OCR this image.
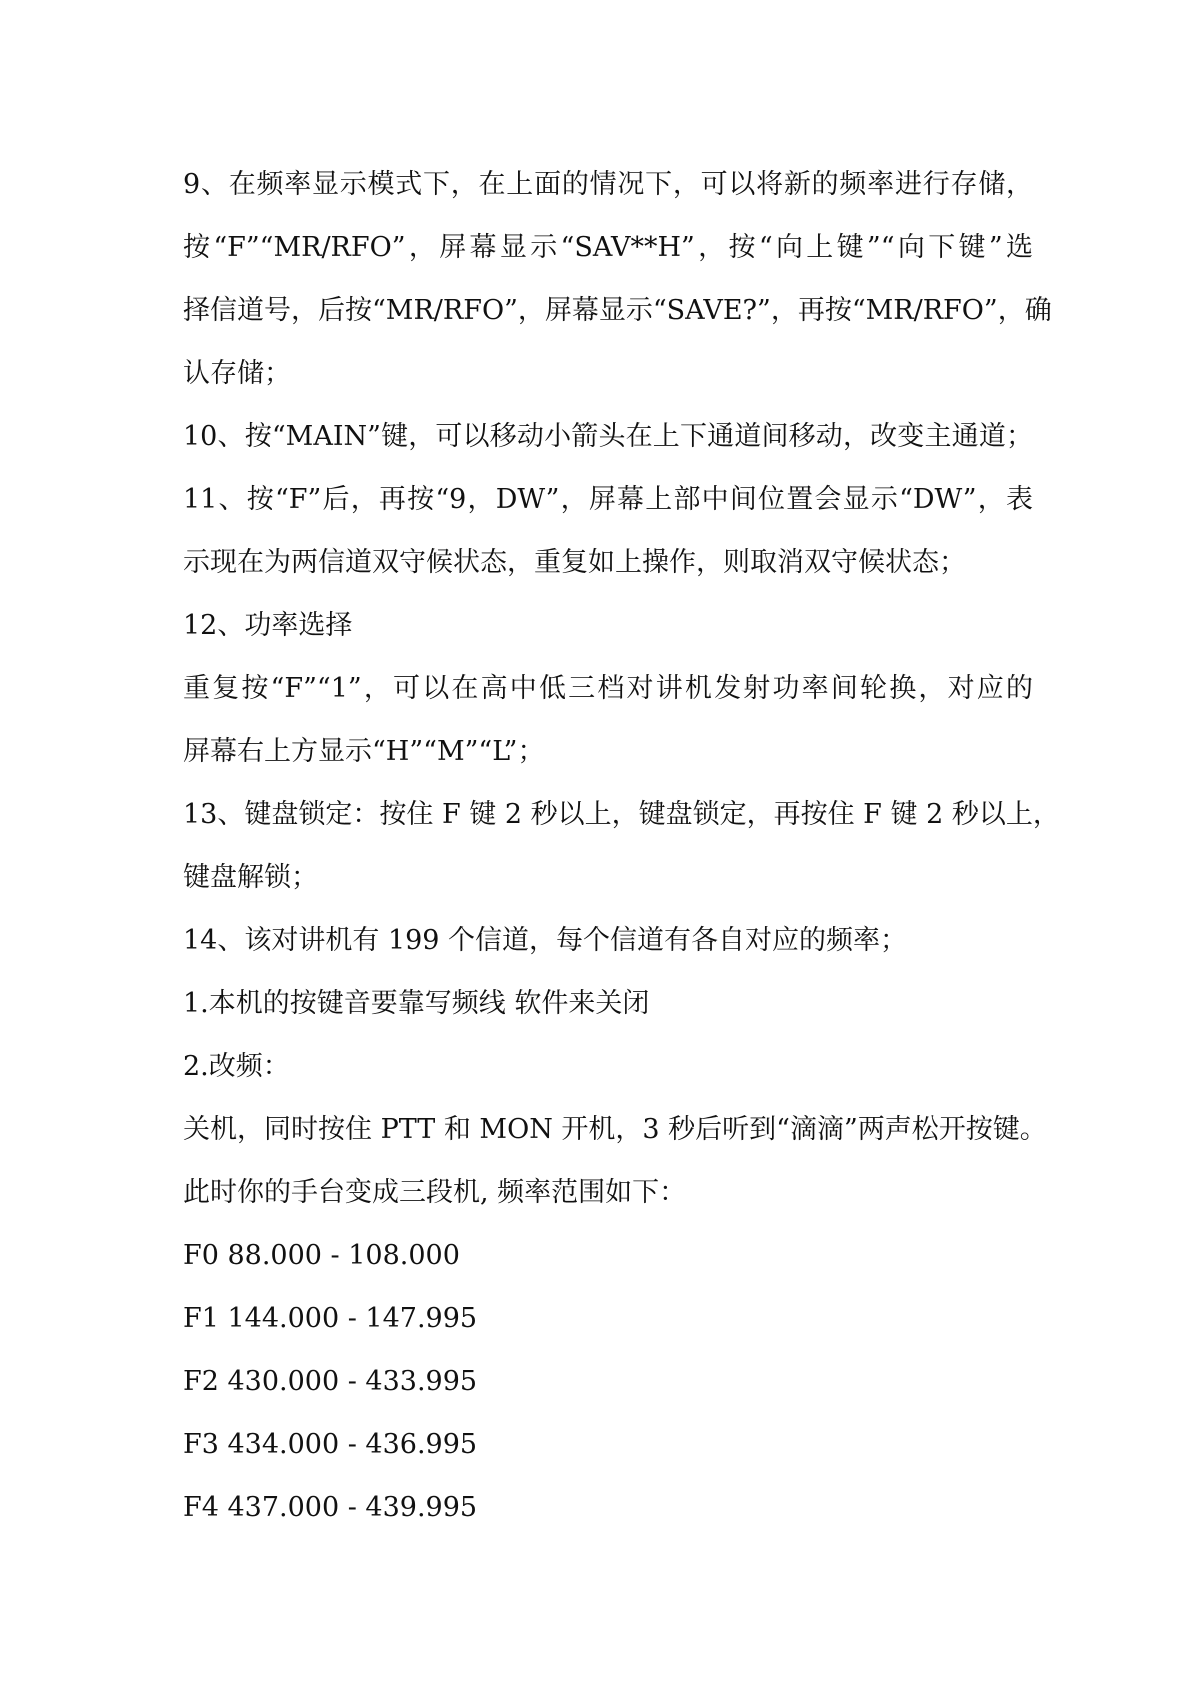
9、在频率显示模式下，在上面的情况下，可以将新的频率进行存储，
按“F”“MR/RFO”，屏幕显示“SAV**H”，按“向上键”“向下键”选
择信道号，后按“MR/RFO”，屏幕显示“SAVE?”，再按“MR/RFO”，确
认存储；
10、按“MAIN”键，可以移动小箭头在上下通道间移动，改变主通道；
11、按“F”后，再按“9，DW”，屏幕上部中间位置会显示“DW”，表
示现在为两信道双守候状态，重复如上操作，则取消双守候状态；
12、功率选择
重复按“F”“1”，可以在高中低三档对讲机发射功率间轮换，对应的
屏幕右上方显示“H”“M”“L”；
13、键盘锁定：按住 F 键 2 秒以上，键盘锁定，再按住 F 键 2 秒以上，
键盘解锁；
14、该对讲机有 199 个信道，每个信道有各自对应的频率；
1.本机的按键音要靠写频线 软件来关闭
2.改频：
关机，同时按住 PTT 和 MON 开机，3 秒后听到“滴滴”两声松开按键。
此时你的手台变成三段机, 频率范围如下：
F0 88.000 - 108.000
F1 144.000 - 147.995
F2 430.000 - 433.995
F3 434.000 - 436.995
F4 437.000 - 439.995
